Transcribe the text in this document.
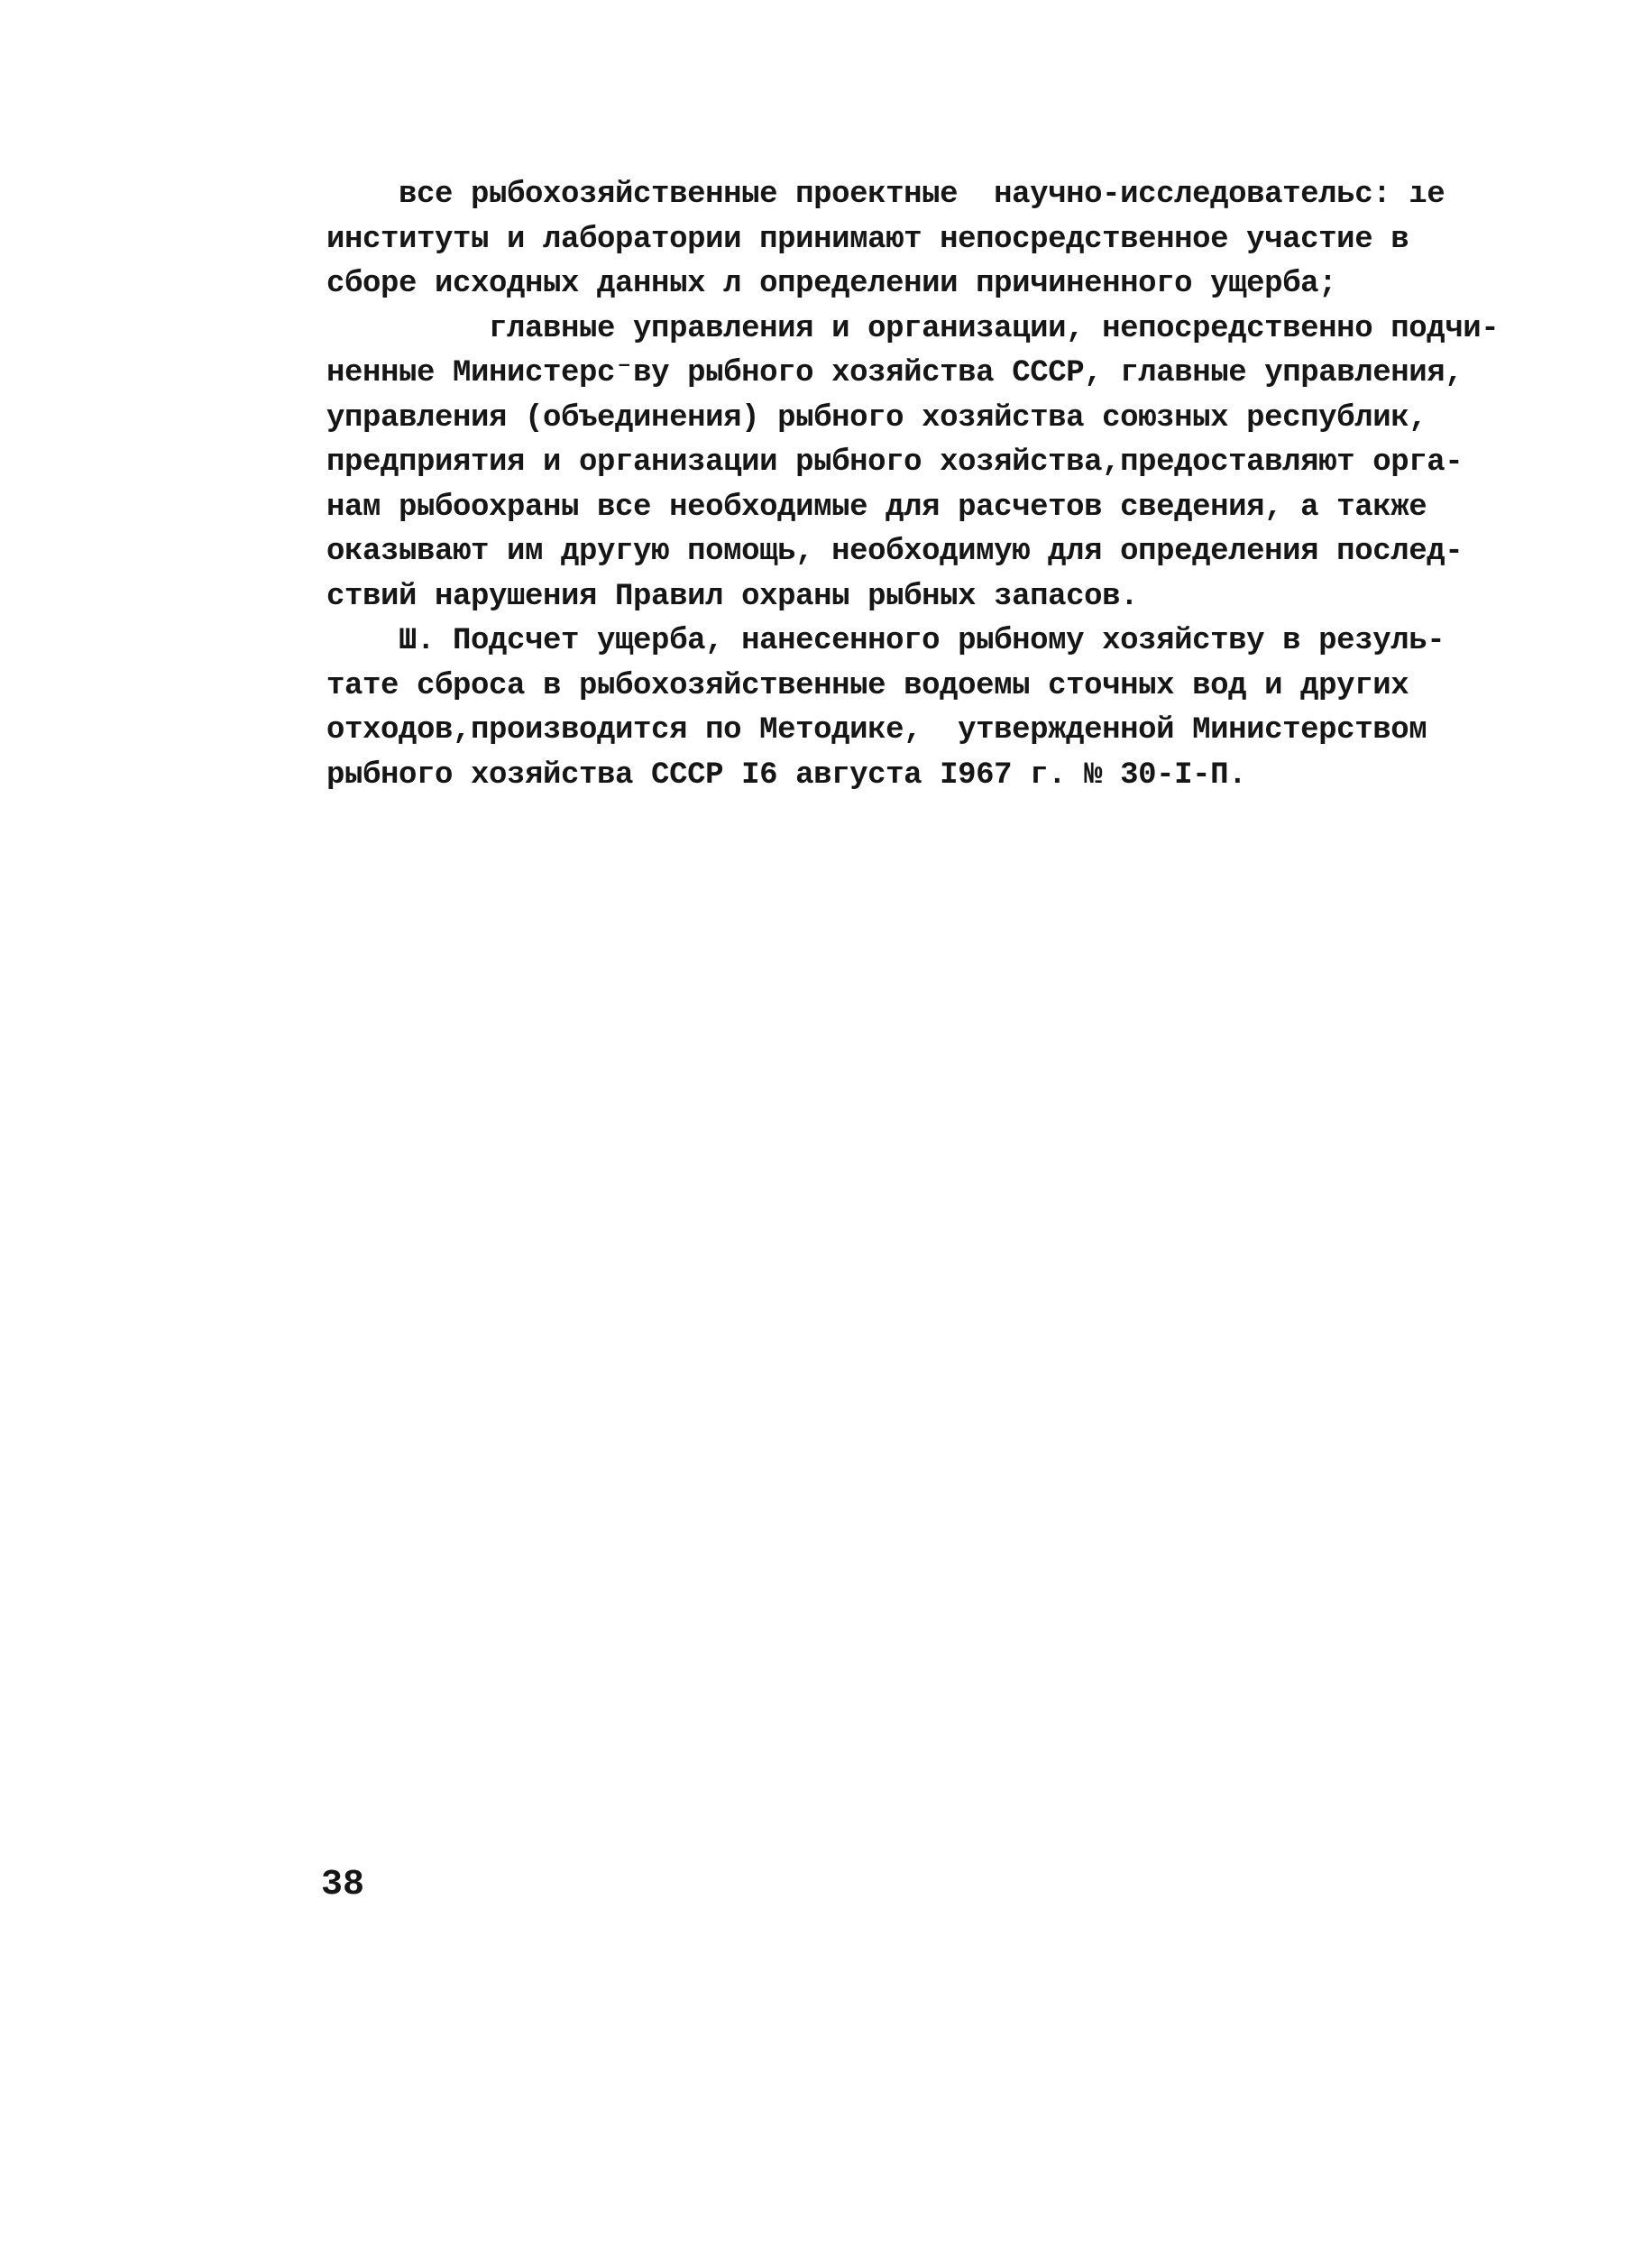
все рыбохозяйственные проектные  научно-исследовательс: ıе
институты и лаборатории принимают непосредственное участие в
сборе исходных данных л определении причиненного ущерба;
главные управления и организации, непосредственно подчи-
ненные Министерс⁻ву рыбного хозяйства СССР, главные управления,
управления (объединения) рыбного хозяйства союзных республик,
предприятия и организации рыбного хозяйства,предоставляют орга-
нам рыбоохраны все необходимые для расчетов сведения, а также
оказывают им другую помощь, необходимую для определения послед-
ствий нарушения Правил охраны рыбных запасов.
Ш. Подсчет ущерба, нанесенного рыбному хозяйству в резуль-
тате сброса в рыбохозяйственные водоемы сточных вод и других
отходов,производится по Методике,  утвержденной Министерством
рыбного хозяйства СССР I6 августа I967 г. № 30-I-П.
38
